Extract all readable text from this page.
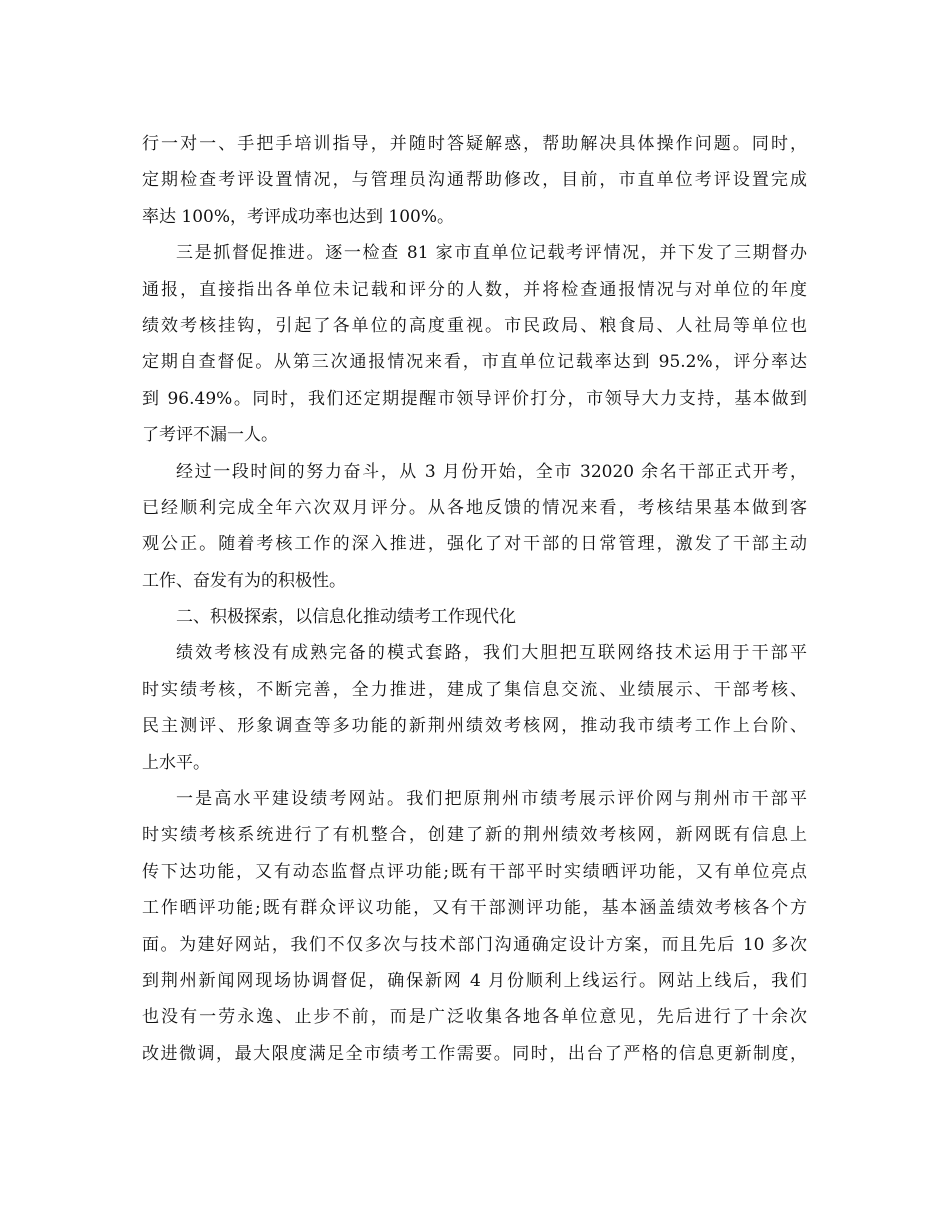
行一对一、手把手培训指导，并随时答疑解惑，帮助解决具体操作问题。同时，
定期检查考评设置情况，与管理员沟通帮助修改，目前，市直单位考评设置完成
率达 100%，考评成功率也达到 100%。
三是抓督促推进。逐一检查 81 家市直单位记载考评情况，并下发了三期督办
通报，直接指出各单位未记载和评分的人数，并将检查通报情况与对单位的年度
绩效考核挂钩，引起了各单位的高度重视。市民政局、粮食局、人社局等单位也
定期自查督促。从第三次通报情况来看，市直单位记载率达到 95.2%，评分率达
到 96.49%。同时，我们还定期提醒市领导评价打分，市领导大力支持，基本做到
了考评不漏一人。
经过一段时间的努力奋斗，从 3 月份开始，全市 32020 余名干部正式开考，
已经顺利完成全年六次双月评分。从各地反馈的情况来看，考核结果基本做到客
观公正。随着考核工作的深入推进，强化了对干部的日常管理，激发了干部主动
工作、奋发有为的积极性。
二、积极探索，以信息化推动绩考工作现代化
绩效考核没有成熟完备的模式套路，我们大胆把互联网络技术运用于干部平
时实绩考核，不断完善，全力推进，建成了集信息交流、业绩展示、干部考核、
民主测评、形象调查等多功能的新荆州绩效考核网，推动我市绩考工作上台阶、
上水平。
一是高水平建设绩考网站。我们把原荆州市绩考展示评价网与荆州市干部平
时实绩考核系统进行了有机整合，创建了新的荆州绩效考核网，新网既有信息上
传下达功能，又有动态监督点评功能;既有干部平时实绩晒评功能，又有单位亮点
工作晒评功能;既有群众评议功能，又有干部测评功能，基本涵盖绩效考核各个方
面。为建好网站，我们不仅多次与技术部门沟通确定设计方案，而且先后 10 多次
到荆州新闻网现场协调督促，确保新网 4 月份顺利上线运行。网站上线后，我们
也没有一劳永逸、止步不前，而是广泛收集各地各单位意见，先后进行了十余次
改进微调，最大限度满足全市绩考工作需要。同时，出台了严格的信息更新制度，
